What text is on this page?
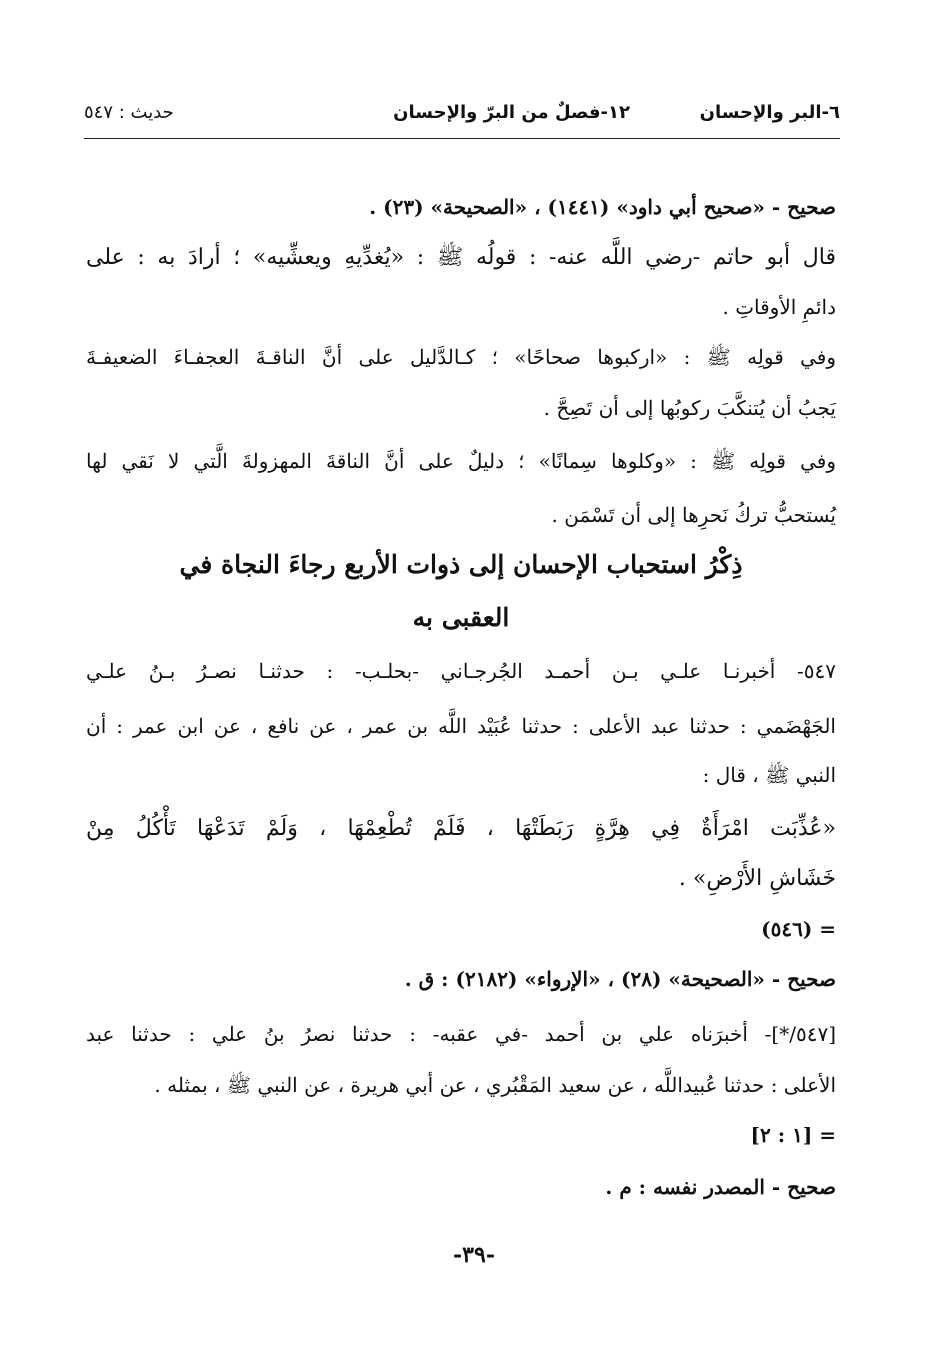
٦-البر والإحسان
١٢-فصلٌ من البرّ والإحسان
حديث : ٥٤٧
صحيح - «صحيح أبي داود» (١٤٤١) ، «الصحيحة» (٢٣) .
قال أبو حاتم -رضي اللَّه عنه- : قولُه ﷺ : «يُغدِّيهِ ويعشِّيه» ؛ أرادَ به : على
دائمِ الأوقاتِ .
وفي قولِه ﷺ : «اركبوها صحاحًا» ؛ كـالدَّليل على أنَّ الناقـةَ العجفـاءَ الضعيفـةَ
يَجبُ أن يُتنكَّبَ ركوبُها إلى أن تَصِحَّ .
وفي قولِه ﷺ : «وكلوها سِمانًا» ؛ دليلٌ على أنَّ الناقةَ المهزولةَ الَّتي لا نَقي لها
يُستحبُّ تركُ نَحرِها إلى أن تَسْمَن .
ذِكْرُ استحباب الإحسان إلى ذوات الأربع رجاءَ النجاة في
العقبى به
٥٤٧- أخبرنـا علـي بـن أحمـد الجُرجـاني -بحلـب- : حدثنـا نصـرُ بـنُ علـي
الجَهْضَمي : حدثنا عبد الأعلى : حدثنا عُبَيْد اللَّه بن عمر ، عن نافع ، عن ابن عمر : أن
النبي ﷺ ، قال :
«عُذِّبَت امْرَأَةٌ فِي هِرَّةٍ رَبَطَتْهَا ، فَلَمْ تُطْعِمْهَا ، وَلَمْ تَدَعْهَا تَأْكُلُ مِنْ
خَشَاشِ الأَرْضِ» .
= (٥٤٦)
صحيح - «الصحيحة» (٢٨) ، «الإرواء» (٢١٨٢) : ق .
[٥٤٧/*]- أخبرَناه علي بن أحمد -في عقبه- : حدثنا نصرُ بنُ علي : حدثنا عبد
الأعلى : حدثنا عُبيداللَّه ، عن سعيد المَقْبُري ، عن أبي هريرة ، عن النبي ﷺ ، بمثله .
= [١ : ٢]
صحيح - المصدر نفسه : م .
-٣٩-
